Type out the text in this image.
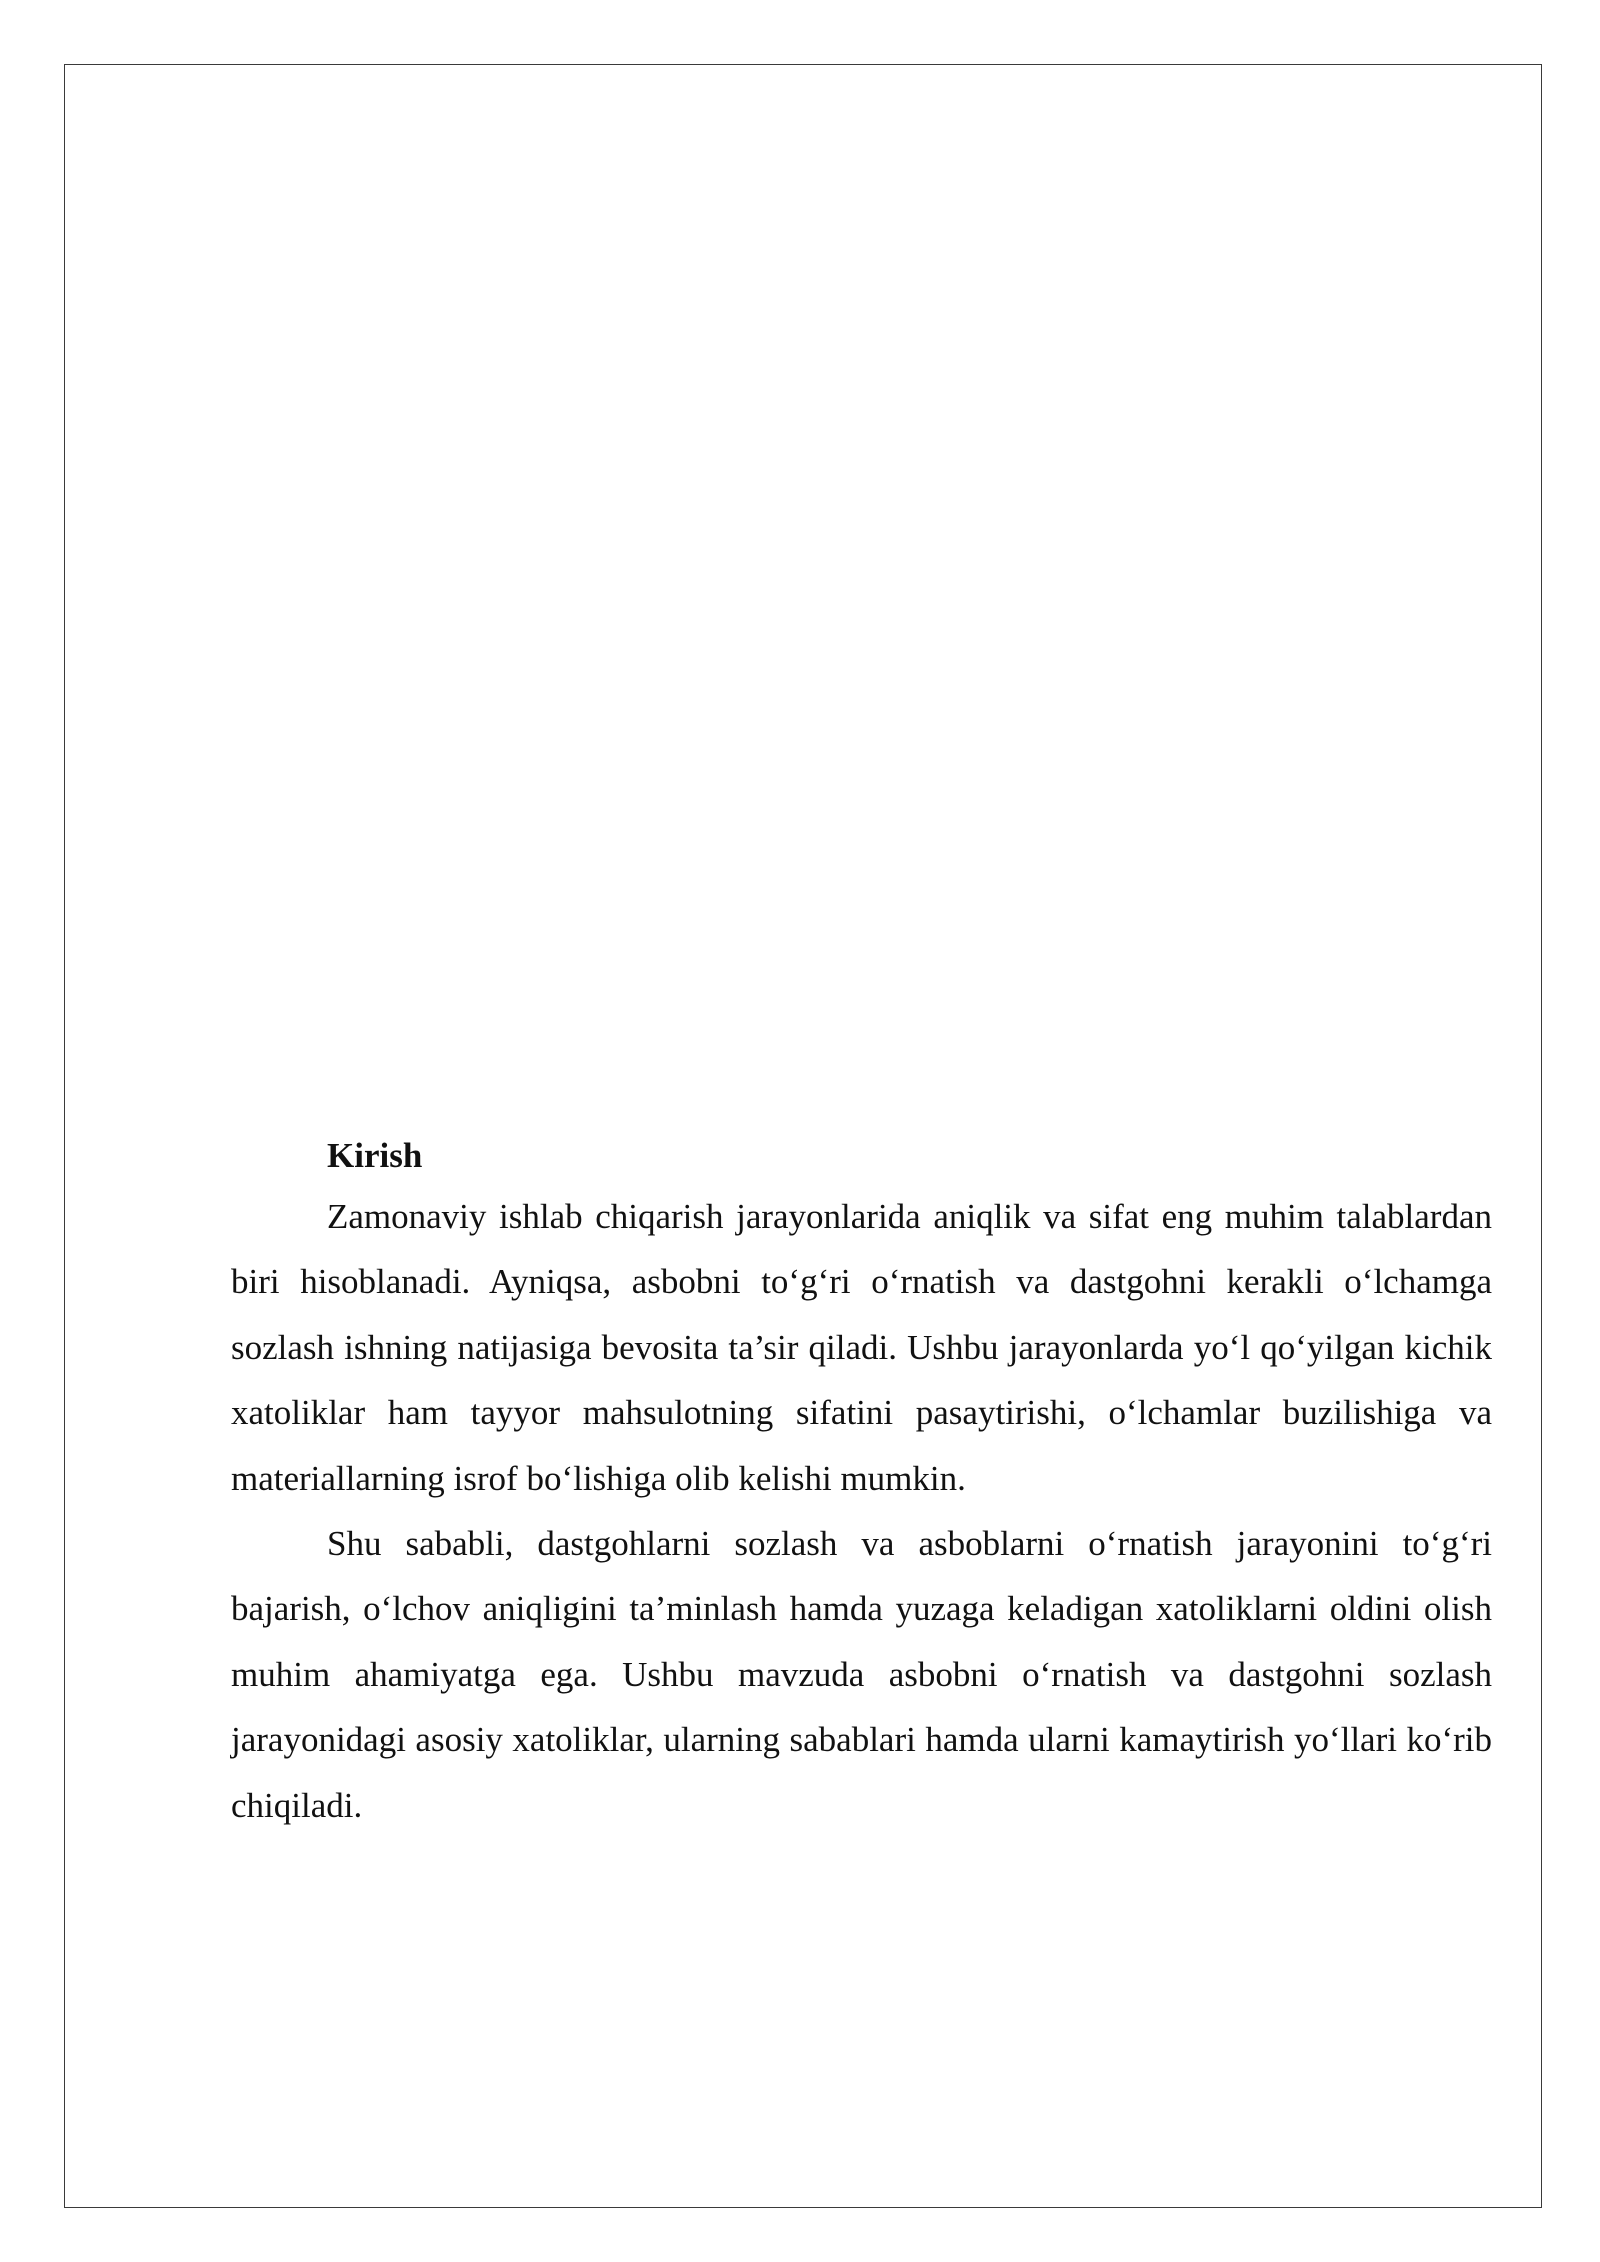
Kirish

Zamonaviy ishlab chiqarish jarayonlarida aniqlik va sifat eng muhim talablardan biri hisoblanadi. Ayniqsa, asbobni to‘g‘ri o‘rnatish va dastgohni kerakli o‘lchamga sozlash ishning natijasiga bevosita ta’sir qiladi. Ushbu jarayonlarda yo‘l qo‘yilgan kichik xatoliklar ham tayyor mahsulotning sifatini pasaytirishi, o‘lchamlar buzilishiga va materiallarning isrof bo‘lishiga olib kelishi mumkin.

Shu sababli, dastgohlarni sozlash va asboblarni o‘rnatish jarayonini to‘g‘ri bajarish, o‘lchov aniqligini ta’minlash hamda yuzaga keladigan xatoliklarni oldini olish muhim ahamiyatga ega. Ushbu mavzuda asbobni o‘rnatish va dastgohni sozlash jarayonidagi asosiy xatoliklar, ularning sabablari hamda ularni kamaytirish yo‘llari ko‘rib chiqiladi.
